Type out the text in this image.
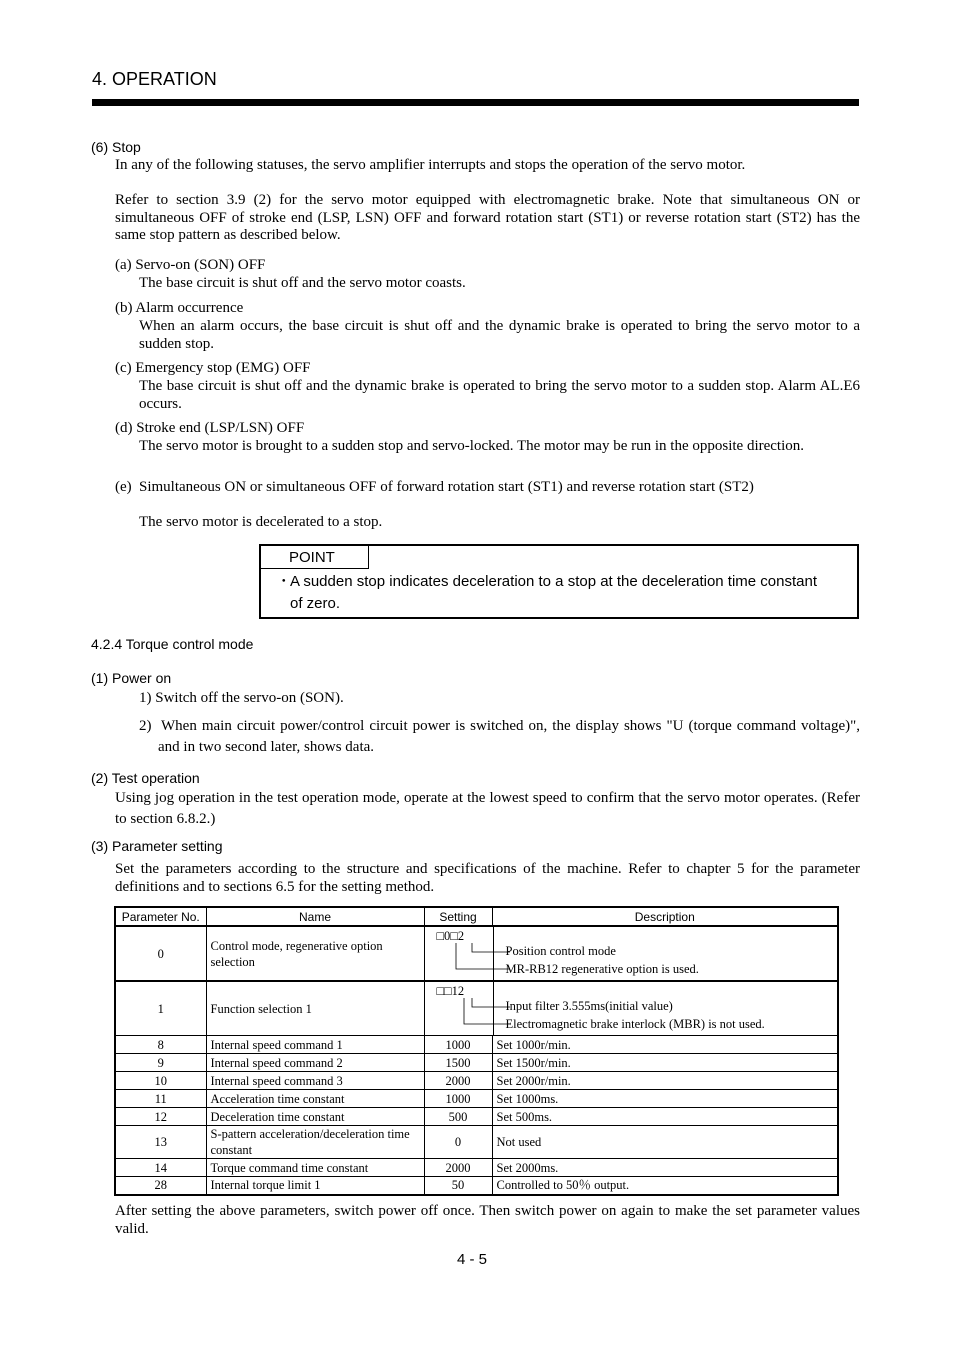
4. OPERATION
(6) Stop
In any of the following statuses, the servo amplifier interrupts and stops the operation of the servo motor.
Refer to section 3.9 (2) for the servo motor equipped with electromagnetic brake. Note that simultaneous ON or simultaneous OFF of stroke end (LSP, LSN) OFF and forward rotation start (ST1) or reverse rotation start (ST2) has the same stop pattern as described below.
(a) Servo-on (SON) OFF
The base circuit is shut off and the servo motor coasts.
(b) Alarm occurrence
When an alarm occurs, the base circuit is shut off and the dynamic brake is operated to bring the servo motor to a sudden stop.
(c) Emergency stop (EMG) OFF
The base circuit is shut off and the dynamic brake is operated to bring the servo motor to a sudden stop. Alarm AL.E6 occurs.
(d) Stroke end (LSP/LSN) OFF
The servo motor is brought to a sudden stop and servo-locked. The motor may be run in the opposite direction.
(e) Simultaneous ON or simultaneous OFF of forward rotation start (ST1) and reverse rotation start (ST2)
The servo motor is decelerated to a stop.
POINT
･ A sudden stop indicates deceleration to a stop at the deceleration time constant of zero.
4.2.4 Torque control mode
(1) Power on
1) Switch off the servo-on (SON).
2) When main circuit power/control circuit power is switched on, the display shows "U (torque command voltage)", and in two second later, shows data.
(2) Test operation
Using jog operation in the test operation mode, operate at the lowest speed to confirm that the servo motor operates. (Refer to section 6.8.2.)
(3) Parameter setting
Set the parameters according to the structure and specifications of the machine. Refer to chapter 5 for the parameter definitions and to sections 6.5 for the setting method.
Parameter No.	Name	Setting	Description
0	Control mode, regenerative option selection	□0□2
Position control mode
MR-RB12 regenerative option is used.	

1	Function selection 1	□□12
Input filter 3.555ms(initial value)
Electromagnetic brake interlock (MBR) is not used.	

8	Internal speed command 1	1000	Set 1000r/min.
9	Internal speed command 2	1500	Set 1500r/min.
10	Internal speed command 3	2000	Set 2000r/min.
11	Acceleration time constant	1000	Set 1000ms.
12	Deceleration time constant	500	Set 500ms.
13	S-pattern acceleration/deceleration time constant	0	Not used
14	Torque command time constant	2000	Set 2000ms.
28	Internal torque limit 1	50	Controlled to 50％ output.
After setting the above parameters, switch power off once. Then switch power on again to make the set parameter values valid.
4 - 5
